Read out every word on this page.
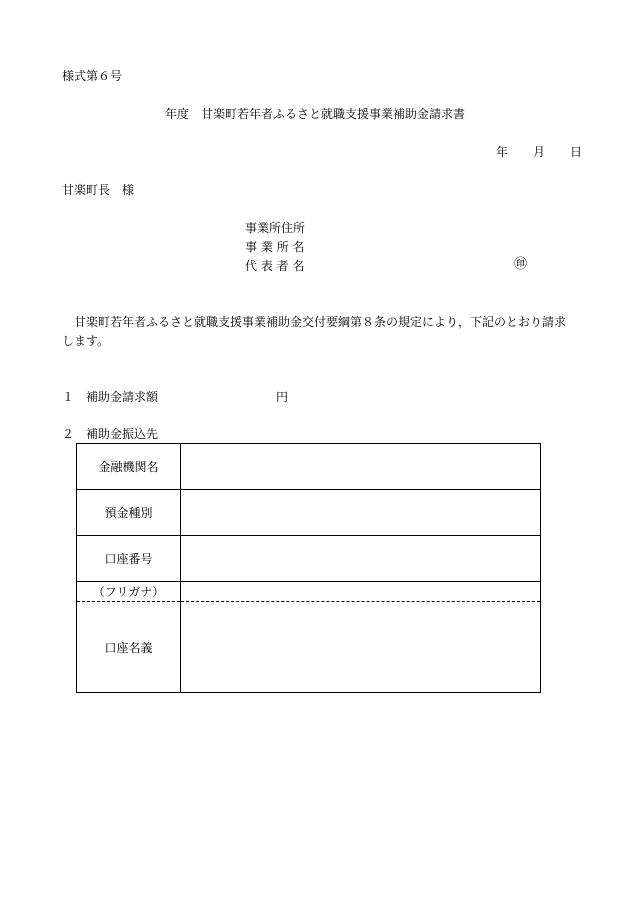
様式第６号
年度　甘楽町若年者ふるさと就職支援事業補助金請求書
年 月 日
甘楽町長　様
事業所住所
事 業 所 名
代 表 者 名	㊞
甘楽町若年者ふるさと就職支援事業補助金交付要綱第８条の規定により，下記のとおり請求
します。
１ 補助金請求額	円
２ 補助金振込先
金融機関名	
預金種別	
口座番号	
（フリガナ）	
口座名義	
